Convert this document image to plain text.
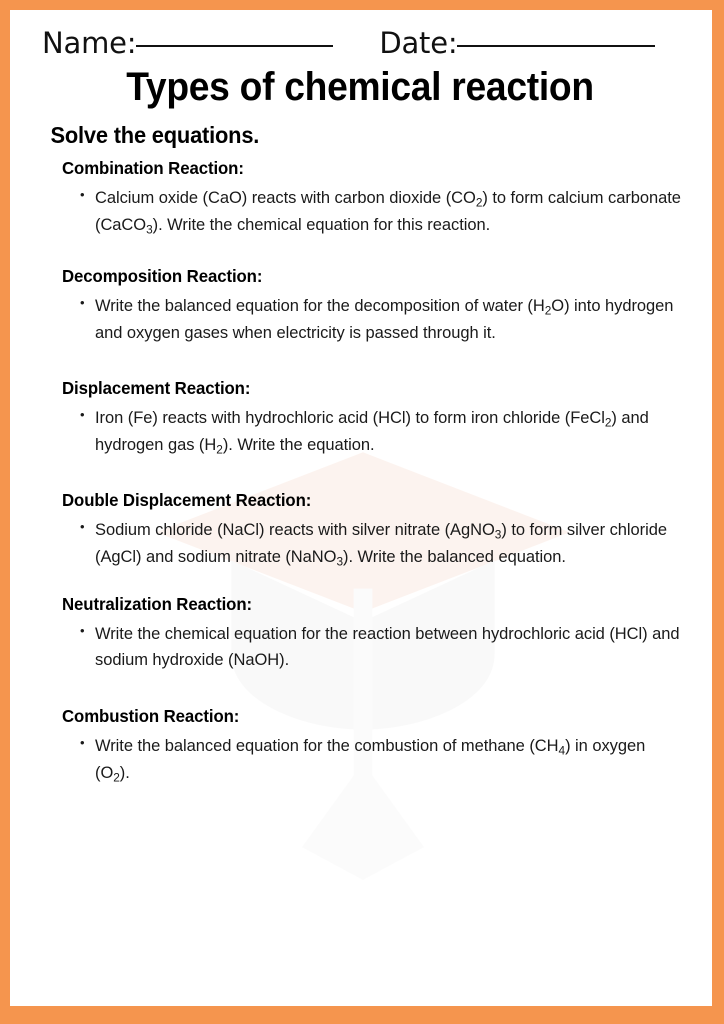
Name:	Date:
Types of chemical reaction
Solve the equations.
Combination Reaction:
• Calcium oxide (CaO) reacts with carbon dioxide $(CO_2)$ to form calcium carbonate (CaCO$_3$). Write the chemical equation for this reaction.
Decomposition Reaction:
• Write the balanced equation for the decomposition of water $(H_2O)$ into hydrogen and oxygen gases when electricity is passed through it.
Displacement Reaction:
• Iron (Fe) reacts with hydrochloric acid (HCl) to form iron chloride (FeCl$_2$) and hydrogen gas $(H_2)$. Write the equation.
Double Displacement Reaction:
• Sodium chloride (NaCl) reacts with silver nitrate (AgNO$_3$) to form silver chloride (AgCl) and sodium nitrate (NaNO$_3$). Write the balanced equation.
Neutralization Reaction:
• Write the chemical equation for the reaction between hydrochloric acid (HCl) and sodium hydroxide (NaOH).
Combustion Reaction:
• Write the balanced equation for the combustion of methane $(CH_4)$ in oxygen $(O_2)$.
